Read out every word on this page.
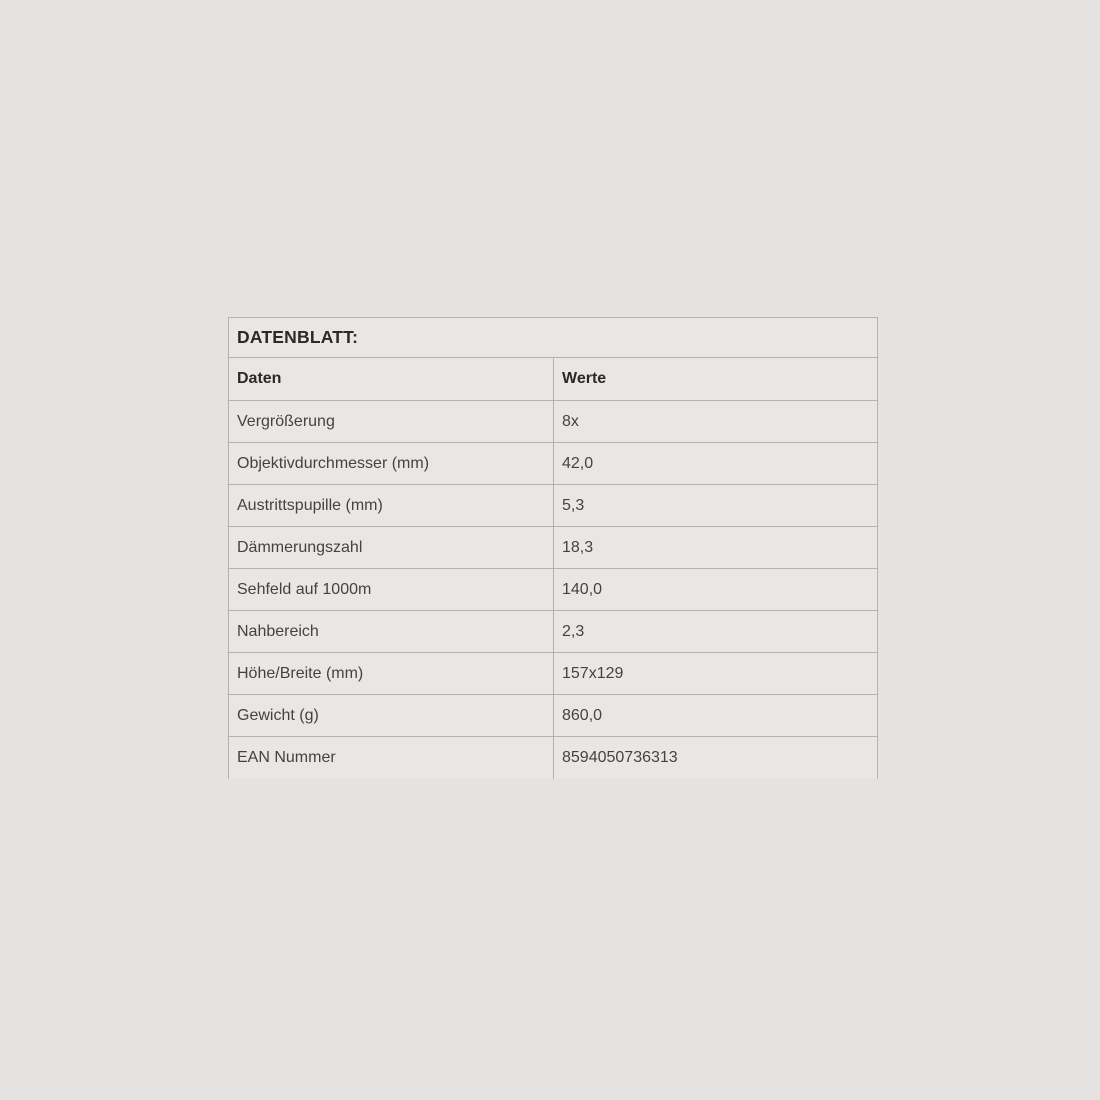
DATENBLATT:
Daten	Werte
Vergrößerung	8x
Objektivdurchmesser (mm)	42,0
Austrittspupille (mm)	5,3
Dämmerungszahl	18,3
Sehfeld auf 1000m	140,0
Nahbereich	2,3
Höhe/Breite (mm)	157x129
Gewicht (g)	860,0
EAN Nummer	8594050736313
